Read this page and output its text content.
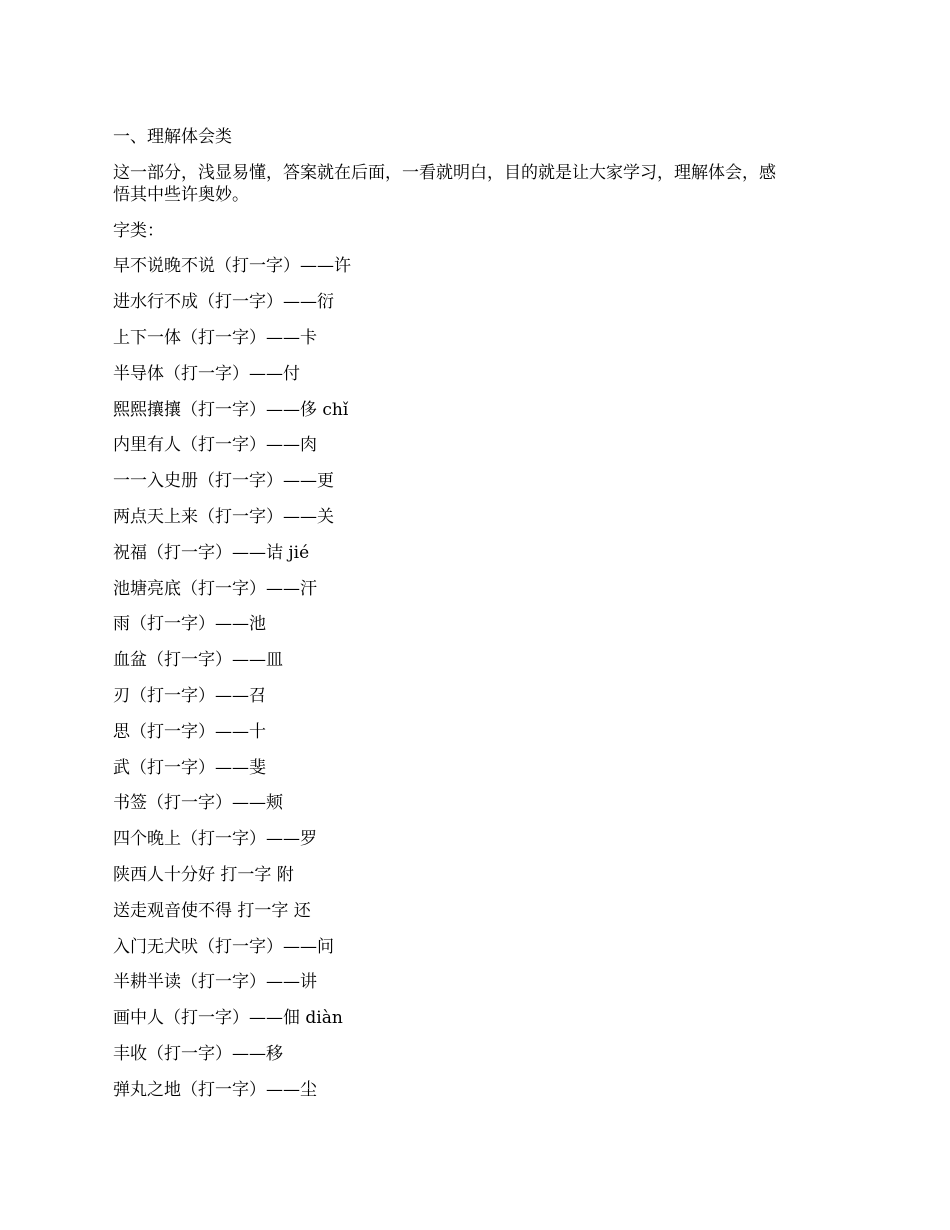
一、理解体会类
这一部分，浅显易懂，答案就在后面，一看就明白，目的就是让大家学习，理解体会，感
悟其中些许奥妙。
字类：
早不说晚不说（打一字）——许
进水行不成（打一字）——衍
上下一体（打一字）——卡
半导体（打一字）——付
熙熙攘攘（打一字）——侈 chǐ
内里有人（打一字）——肉
一一入史册（打一字）——更
两点天上来（打一字）——关
祝福（打一字）——诘 jié
池塘亮底（打一字）——汗
雨（打一字）——池
血盆（打一字）——皿
刃（打一字）——召
思（打一字）——十
武（打一字）——斐
书签（打一字）——颊
四个晚上（打一字）——罗
陕西人十分好 打一字 附
送走观音使不得 打一字 还
入门无犬吠（打一字）——问
半耕半读（打一字）——讲
画中人（打一字）——佃 diàn
丰收（打一字）——移
弹丸之地（打一字）——尘
